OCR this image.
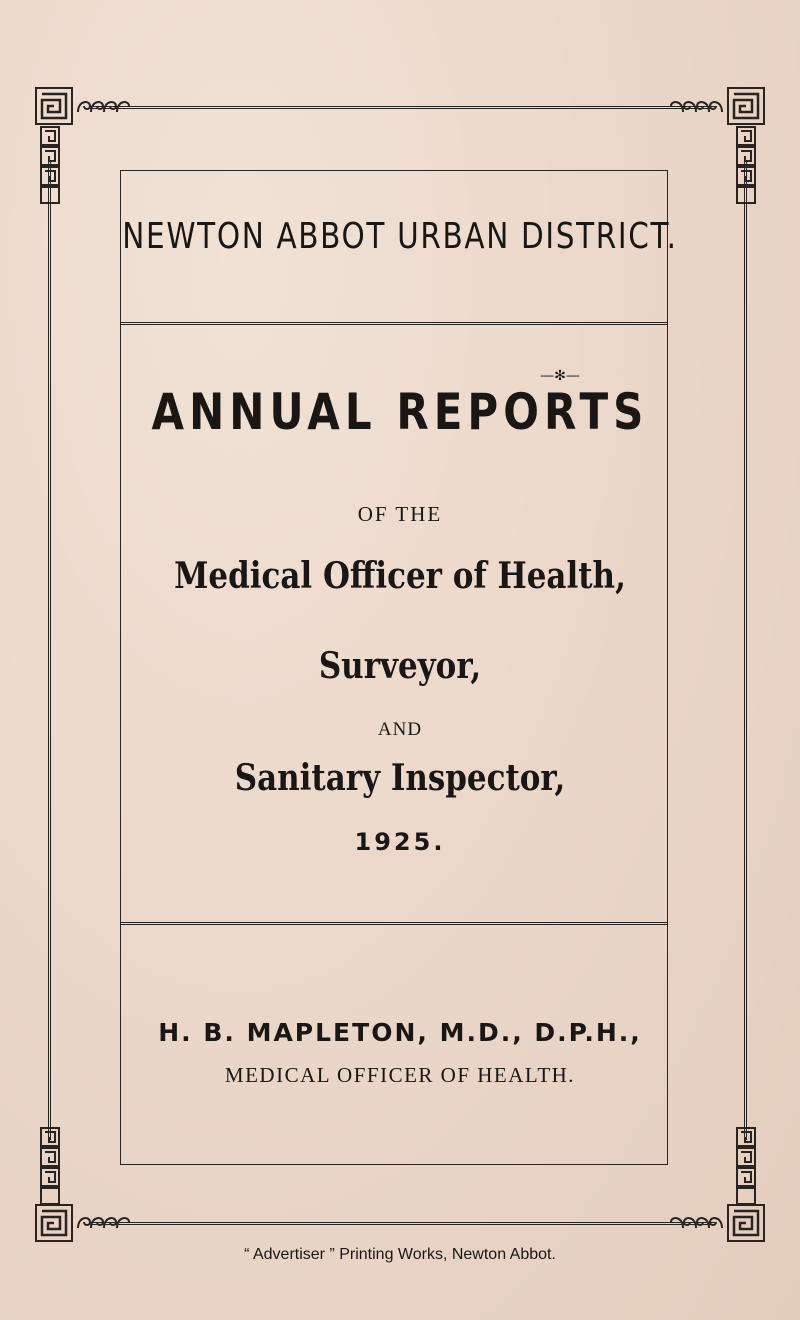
NEWTON ABBOT URBAN DISTRICT.
ANNUAL REPORTS
—✻—
OF THE
Medical Officer of Health,
Surveyor,
AND
Sanitary Inspector,
1925.
H. B. MAPLETON, M.D., D.P.H.,
MEDICAL OFFICER OF HEALTH.
“ Advertiser ” Printing Works, Newton Abbot.
